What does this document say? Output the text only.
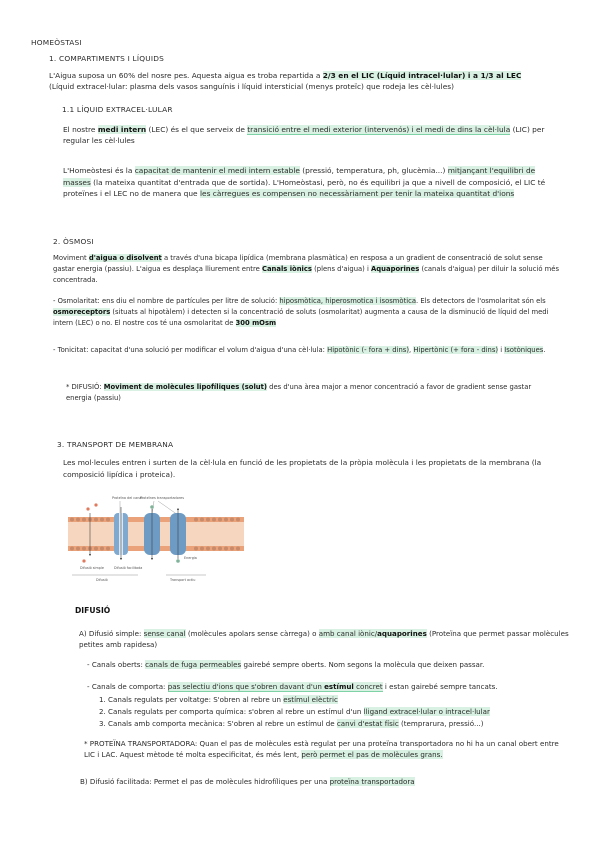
HOMEÒSTASI
1. COMPARTIMENTS I LÍQUIDS
L'Aigua suposa un 60% del nosre pes. Aquesta aigua es troba repartida a 2/3 en el LIC (Líquid intracel·lular) i a 1/3 al LEC
(Líquid extracel·lular: plasma dels vasos sanguínis i líquid intersticial (menys proteïc) que rodeja les cèl·lules)
1.1 LÍQUID EXTRACEL·LULAR
El nostre medi intern (LEC) és el que serveix de transició entre el medi exterior (intervenós) i el medi de dins la cèl·lula (LIC) per regular les cèl·lules
L'Homeòstesi és la capacitat de mantenir el medi intern estable (pressió, temperatura, ph, glucèmia...) mitjançant l'equilibri de masses (la mateixa quantitat d'entrada que de sortida). L'Homeòstasi, però, no és equilibri ja que a nivell de composició, el LIC té proteïnes i el LEC no de manera que les càrregues es compensen no necessàriament per tenir la mateixa quantitat d'ions
2. ÒSMOSI
Moviment d'aigua o disolvent a través d'una bicapa lipídica (membrana plasmàtica) en resposa a un gradient de consentració de solut sense gastar energia (passiu). L'aigua es desplaça lliurement entre Canals iònics (plens d'aigua) i Aquaporines (canals d'aigua) per diluir la solució més concentrada.
- Osmolaritat: ens diu el nombre de partícules per litre de solució: hiposmòtica, hiperosmotica i isosmòtica. Els detectors de l'osmolaritat són els osmoreceptors (situats al hipotàlem) i detecten si la concentració de soluts (osmolaritat) augmenta a causa de la disminució de líquid del medi intern (LEC) o no. El nostre cos té una osmolaritat de 300 mOsm
- Tonicitat: capacitat d'una solució per modificar el volum d'aigua d'una cèl·lula: Hipotònic (- fora + dins), Hipertònic (+ fora - dins) i Isotòniques.
* DIFUSIÓ: Moviment de molècules lipofíliques (solut) des d'una àrea major a menor concentració a favor de gradient sense gastar energia (passiu)
3. TRANSPORT DE MEMBRANA
Les mol·lecules entren i surten de la cèl·lula en funció de les propietats de la pròpia molècula i les propietats de la membrana (la composició lipídica i proteica).
Proteïna del canal
Proteïnes transportadores
Energia
Difusió simple	Difusió facilitada
Difusió	Transport actiu
DIFUSIÓ
A) Difusió simple: sense canal (molècules apolars sense càrrega) o amb canal iònic/aquaporines (Proteïna que permet passar molècules petites amb rapidesa)
- Canals oberts: canals de fuga permeables gairebé sempre oberts. Nom segons la molècula que deixen passar.
- Canals de comporta: pas selectiu d'ions que s'obren davant d'un estímul concret i estan gairebé sempre tancats.
1. Canals regulats per voltatge: S'obren al rebre un estímul elèctric
2. Canals regulats per comporta química: s'obren al rebre un estímul d'un lligand extracel·lular o intracel·lular
3. Canals amb comporta mecànica: S'obren al rebre un estímul de canvi d'estat físic (temprarura, pressió...)
* PROTEÏNA TRANSPORTADORA: Quan el pas de molècules està regulat per una proteïna transportadora no hi ha un canal obert entre LIC i LAC. Aquest mètode té molta especificitat, és més lent, però permet el pas de molècules grans.
B) Difusió facilitada: Permet el pas de molècules hidrofíliques per una proteïna transportadora
